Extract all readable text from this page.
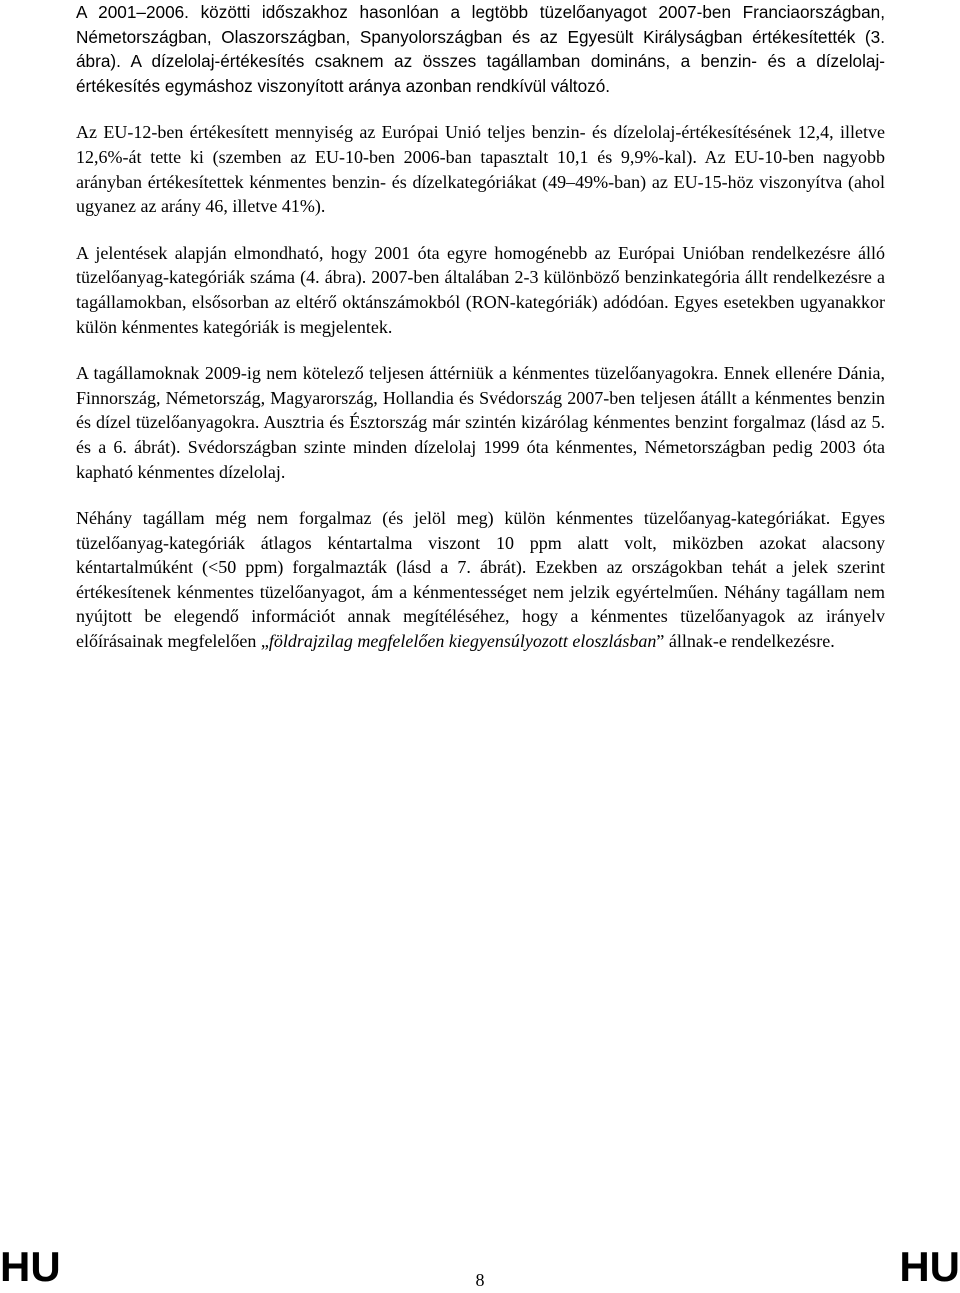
A 2001–2006. közötti időszakhoz hasonlóan a legtöbb tüzelőanyagot 2007-ben Franciaországban, Németországban, Olaszországban, Spanyolországban és az Egyesült Királyságban értékesítették (3. ábra). A dízelolaj-értékesítés csaknem az összes tagállamban domináns, a benzin- és a dízelolaj-értékesítés egymáshoz viszonyított aránya azonban rendkívül változó.

Az EU-12-ben értékesített mennyiség az Európai Unió teljes benzin- és dízelolaj-értékesítésének 12,4, illetve 12,6%-át tette ki (szemben az EU-10-ben 2006-ban tapasztalt 10,1 és 9,9%-kal). Az EU-10-ben nagyobb arányban értékesítettek kénmentes benzin- és dízelkategóriákat (49–49%-ban) az EU-15-höz viszonyítva (ahol ugyanez az arány 46, illetve 41%).

A jelentések alapján elmondható, hogy 2001 óta egyre homogénebb az Európai Unióban rendelkezésre álló tüzelőanyag-kategóriák száma (4. ábra). 2007-ben általában 2-3 különböző benzinkategória állt rendelkezésre a tagállamokban, elsősorban az eltérő oktánszámokból (RON-kategóriák) adódóan. Egyes esetekben ugyanakkor külön kénmentes kategóriák is megjelentek.

A tagállamoknak 2009-ig nem kötelező teljesen áttérniük a kénmentes tüzelőanyagokra. Ennek ellenére Dánia, Finnország, Németország, Magyarország, Hollandia és Svédország 2007-ben teljesen átállt a kénmentes benzin és dízel tüzelőanyagokra. Ausztria és Észtország már szintén kizárólag kénmentes benzint forgalmaz (lásd az 5. és a 6. ábrát). Svédországban szinte minden dízelolaj 1999 óta kénmentes, Németországban pedig 2003 óta kapható kénmentes dízelolaj.

Néhány tagállam még nem forgalmaz (és jelöl meg) külön kénmentes tüzelőanyag-kategóriákat. Egyes tüzelőanyag-kategóriák átlagos kéntartalma viszont 10 ppm alatt volt, miközben azokat alacsony kéntartalmúként (<50 ppm) forgalmazták (lásd a 7. ábrát). Ezekben az országokban tehát a jelek szerint értékesítenek kénmentes tüzelőanyagot, ám a kénmentességet nem jelzik egyértelműen. Néhány tagállam nem nyújtott be elegendő információt annak megítéléséhez, hogy a kénmentes tüzelőanyagok az irányelv előírásainak megfelelően „földrajzilag megfelelően kiegyensúlyozott eloszlásban” állnak-e rendelkezésre.

HU	8	HU
